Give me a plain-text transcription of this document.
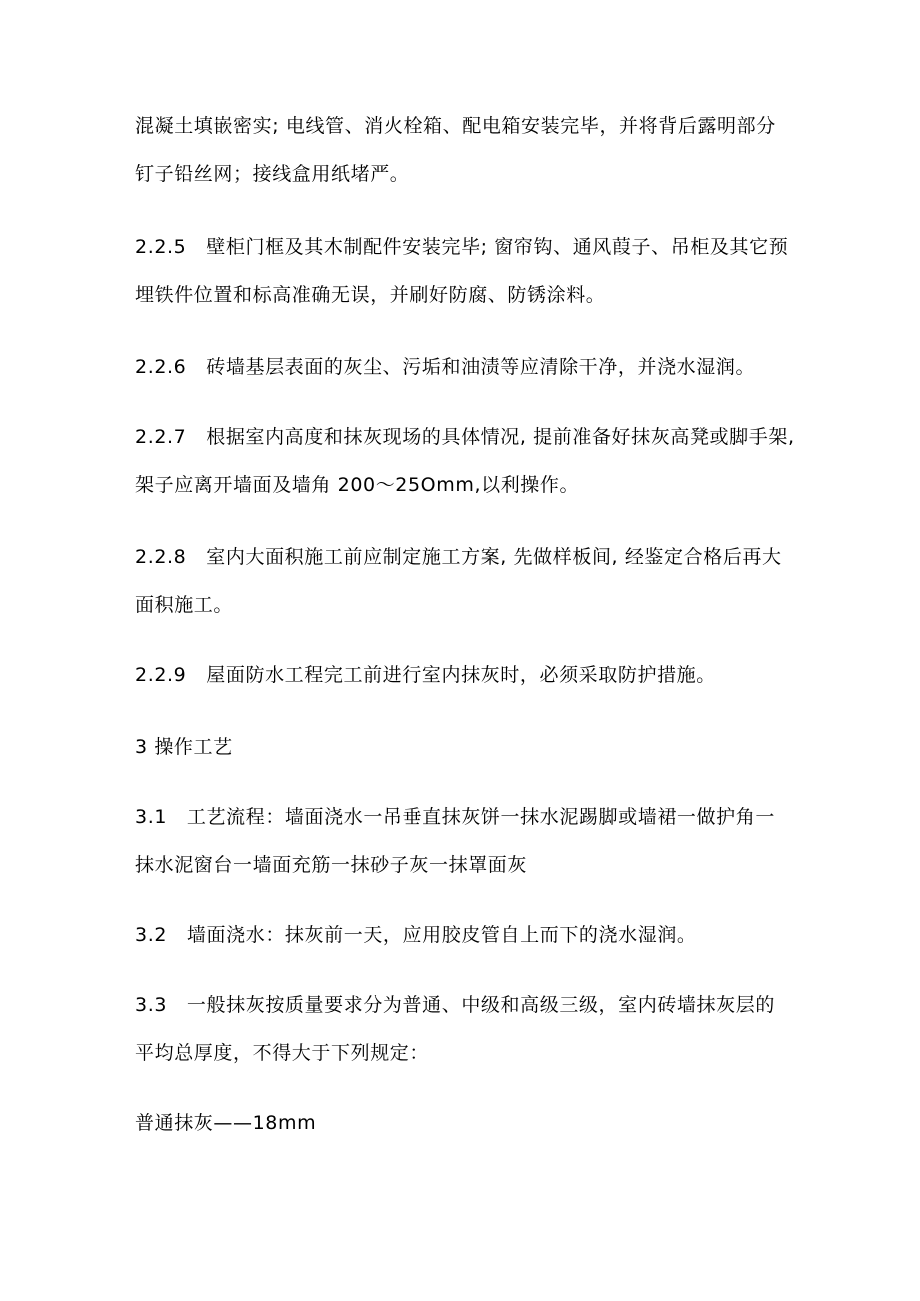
混凝土填嵌密实; 电线管、消火栓箱、配电箱安装完毕，并将背后露明部分
钉子铅丝网；接线盒用纸堵严。
2.2.5   壁柜门框及其木制配件安装完毕; 窗帘钩、通风葭子、吊柜及其它预
埋铁件位置和标高准确无误，并刷好防腐、防锈涂料。
2.2.6   砖墙基层表面的灰尘、污垢和油渍等应清除干净，并浇水湿润。
2.2.7   根据室内高度和抹灰现场的具体情况, 提前准备好抹灰高凳或脚手架,
架子应离开墙面及墙角 200～25Omm,以利操作。
2.2.8   室内大面积施工前应制定施工方案, 先做样板间, 经鉴定合格后再大
面积施工。
2.2.9   屋面防水工程完工前进行室内抹灰时，必须采取防护措施。
3 操作工艺
3.1   工艺流程：墙面浇水一吊垂直抹灰饼一抹水泥踢脚或墙裙一做护角一
抹水泥窗台一墙面充筋一抹砂子灰一抹罩面灰
3.2   墙面浇水：抹灰前一天，应用胶皮管自上而下的浇水湿润。
3.3   一般抹灰按质量要求分为普通、中级和高级三级，室内砖墙抹灰层的
平均总厚度，不得大于下列规定：
普通抹灰——18mm
